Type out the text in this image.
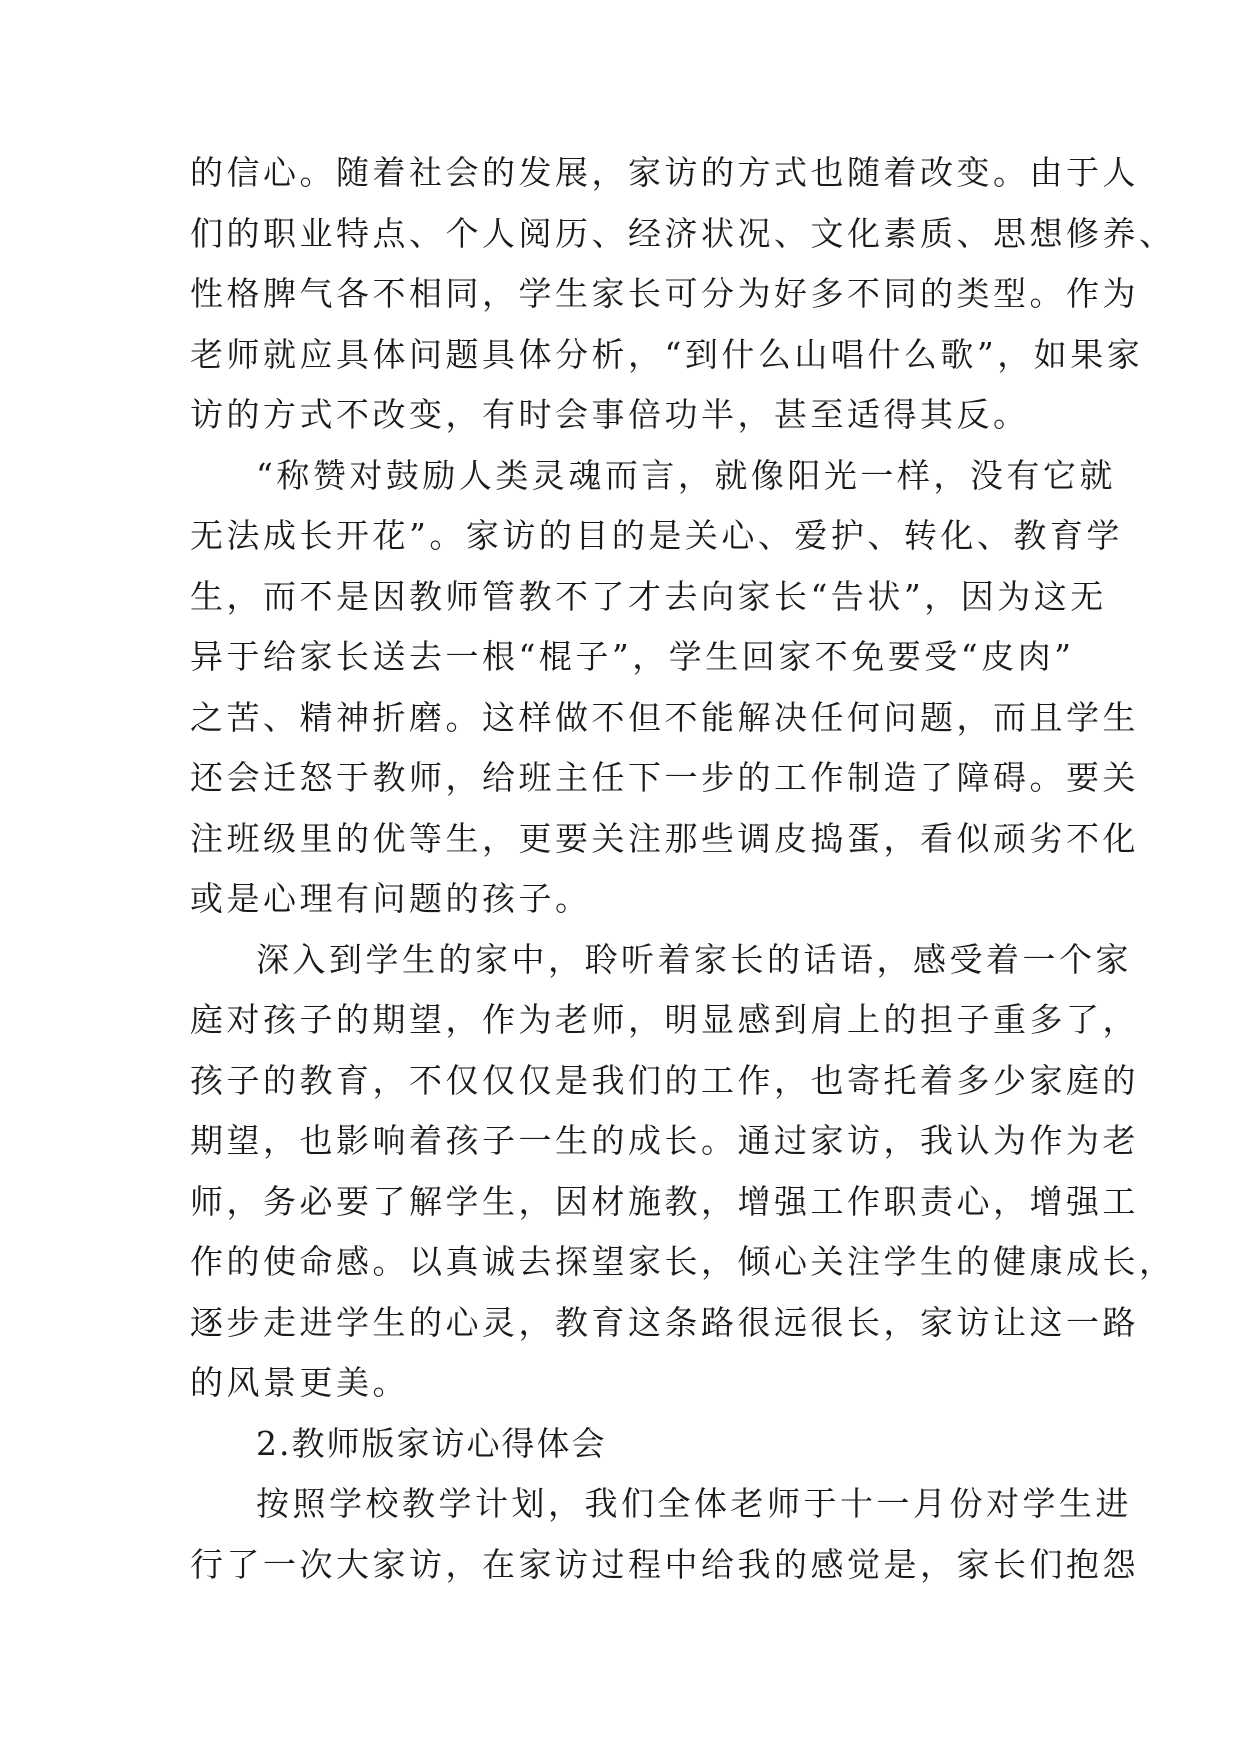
的信心。随着社会的发展，家访的方式也随着改变。由于人
们的职业特点、个人阅历、经济状况、文化素质、思想修养、
性格脾气各不相同，学生家长可分为好多不同的类型。作为
老师就应具体问题具体分析，“到什么山唱什么歌”，如果家
访的方式不改变，有时会事倍功半，甚至适得其反。
“称赞对鼓励人类灵魂而言，就像阳光一样，没有它就
无法成长开花”。家访的目的是关心、爱护、转化、教育学
生，而不是因教师管教不了才去向家长“告状”，因为这无
异于给家长送去一根“棍子”，学生回家不免要受“皮肉”
之苦、精神折磨。这样做不但不能解决任何问题，而且学生
还会迁怒于教师，给班主任下一步的工作制造了障碍。要关
注班级里的优等生，更要关注那些调皮捣蛋，看似顽劣不化
或是心理有问题的孩子。
深入到学生的家中，聆听着家长的话语，感受着一个家
庭对孩子的期望，作为老师，明显感到肩上的担子重多了，
孩子的教育，不仅仅仅是我们的工作，也寄托着多少家庭的
期望，也影响着孩子一生的成长。通过家访，我认为作为老
师，务必要了解学生，因材施教，增强工作职责心，增强工
作的使命感。以真诚去探望家长，倾心关注学生的健康成长，
逐步走进学生的心灵，教育这条路很远很长，家访让这一路
的风景更美。
2.教师版家访心得体会
按照学校教学计划，我们全体老师于十一月份对学生进
行了一次大家访，在家访过程中给我的感觉是，家长们抱怨
